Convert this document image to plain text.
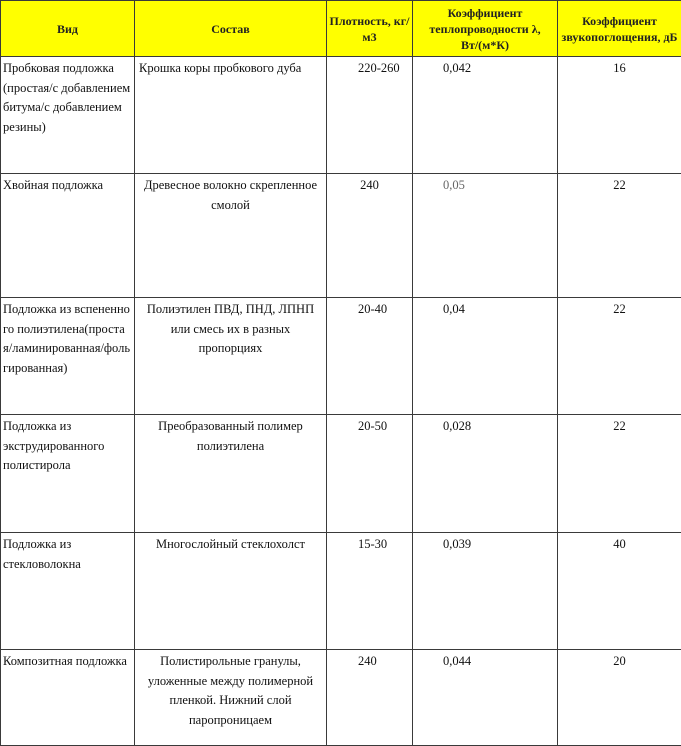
Вид	Состав	Плотность, кг/м3	Коэффициент теплопроводности λ, Вт/(м*К)	Коэффициент звукопоглощения, дБ
Пробковая подложка (простая/с добавлением битума/с добавлением резины)	Крошка коры пробкового дуба	220-260	0,042	16
Хвойная подложка	Древесное волокно скрепленное смолой	240	0,05	22
Подложка из вспененного полиэтилена(простая/ламинированная/фольгированная)	Полиэтилен ПВД, ПНД, ЛПНП или смесь их в разных пропорциях	20-40	0,04	22
Подложка из экструдированного полистирола	Преобразованный полимер полиэтилена	20-50	0,028	22
Подложка из стекловолокна	Многослойный стеклохолст	15-30	0,039	40
Композитная подложка	Полистирольные гранулы, уложенные между полимерной пленкой. Нижний слой паропроницаем	240	0,044	20
